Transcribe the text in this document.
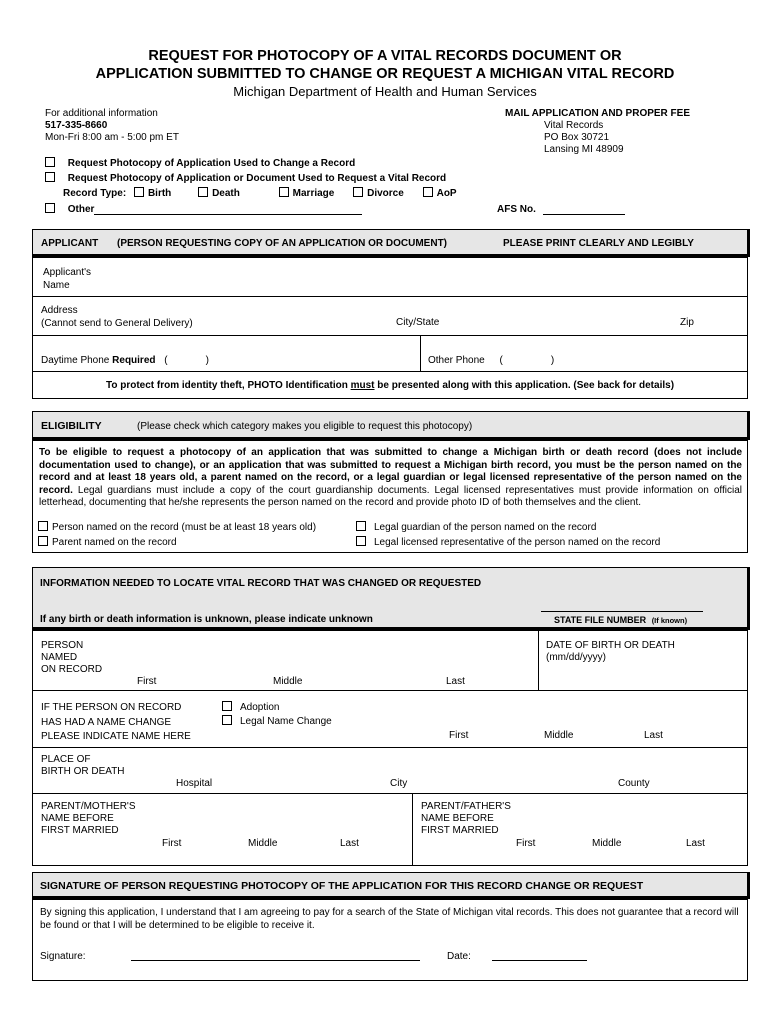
REQUEST FOR PHOTOCOPY OF A VITAL RECORDS DOCUMENT OR
APPLICATION SUBMITTED TO CHANGE OR REQUEST A MICHIGAN VITAL RECORD
Michigan Department of Health and Human Services

For additional information

517-335-8660

Mon-Fri 8:00 am - 5:00 pm ET

MAIL APPLICATION AND PROPER FEE

Vital Records

PO Box 30721

Lansing MI 48909

Request Photocopy of Application Used to Change a Record
Request Photocopy of Application or Document Used to Request a Vital Record
Record Type: Birth	Death	Marriage	Divorce	AoP
Other	AFS No.
APPLICANT (PERSON REQUESTING COPY OF AN APPLICATION OR DOCUMENT)	PLEASE PRINT CLEARLY AND LEGIBLY

Applicant's

Name

Address

(Cannot send to General Delivery)	City/State	Zip
Daytime Phone Required (	)	Other Phone (	)
To protect from identity theft, PHOTO Identification must be presented along with this application. (See back for details)
ELIGIBILITY	(Please check which category makes you eligible to request this photocopy)
To be eligible to request a photocopy of an application that was submitted to change a Michigan birth or death record (does not include documentation used to change), or an application that was submitted to request a Michigan birth record, you must be the person named on the record and at least 18 years old, a parent named on the record, or a legal guardian or legal licensed representative of the person named on the record. Legal guardians must include a copy of the court guardianship documents. Legal licensed representatives must provide information on official letterhead, documenting that he/she represents the person named on the record and provide photo ID of both themselves and the client.
Person named on the record (must be at least 18 years old)
Parent named on the record
Legal guardian of the person named on the record
Legal licensed representative of the person named on the record
INFORMATION NEEDED TO LOCATE VITAL RECORD THAT WAS CHANGED OR REQUESTED
If any birth or death information is unknown, please indicate unknown	STATE FILE NUMBER (If known)

PERSON

NAMED

ON RECORD

First	Middle	Last

DATE OF BIRTH OR DEATH

(mm/dd/yyyy)

IF THE PERSON ON RECORD

HAS HAD A NAME CHANGE

PLEASE INDICATE NAME HERE

Adoption
Legal Name Change
First	Middle	Last

PLACE OF

BIRTH OR DEATH

Hospital	City	County

PARENT/MOTHER'S

NAME BEFORE

FIRST MARRIED

First	Middle	Last

PARENT/FATHER'S

NAME BEFORE

FIRST MARRIED

First	Middle	Last
SIGNATURE OF PERSON REQUESTING PHOTOCOPY OF THE APPLICATION FOR THIS RECORD CHANGE OR REQUEST
By signing this application, I understand that I am agreeing to pay for a search of the State of Michigan vital records. This does not guarantee that a record will be found or that I will be determined to be eligible to receive it.
Signature:	Date:
